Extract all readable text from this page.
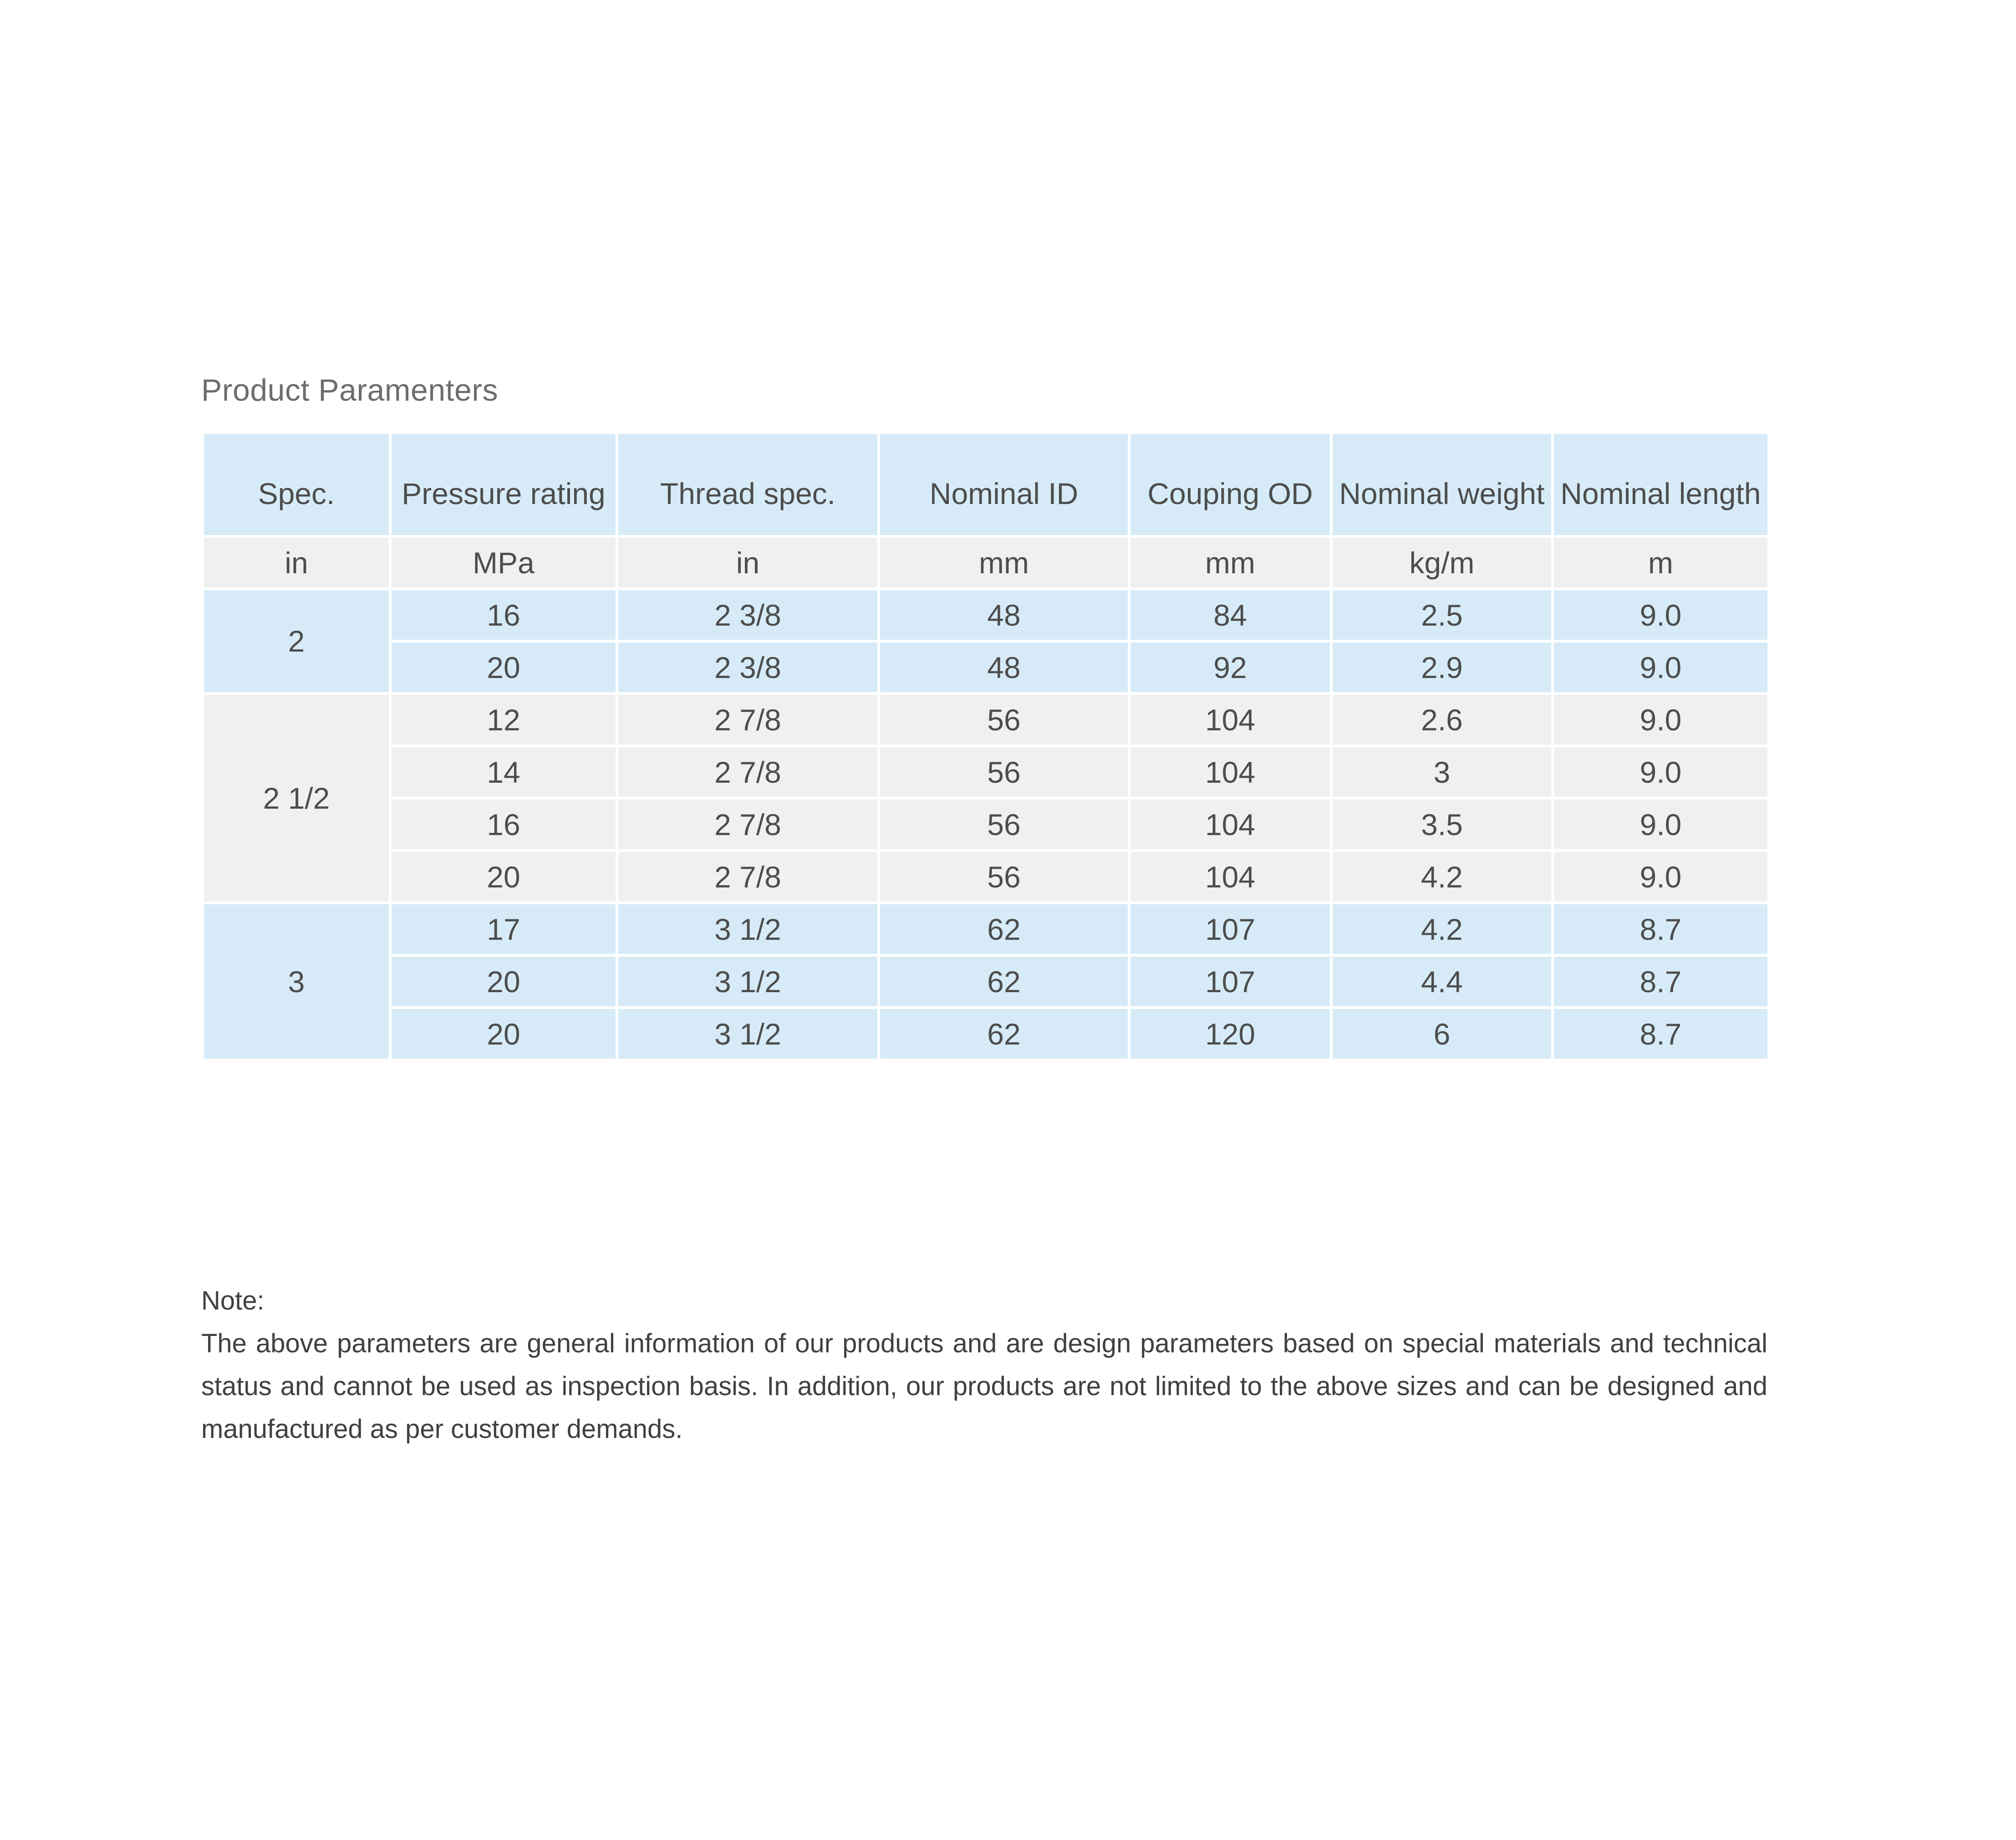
Product Paramenters
Spec.	Pressure rating	Thread spec.	Nominal ID	Couping OD	Nominal weight	Nominal length
in	MPa	in	mm	mm	kg/m	m
2	16	2 3/8	48	84	2.5	9.0
	20	2 3/8	48	92	2.9	9.0
2 1/2	12	2 7/8	56	104	2.6	9.0
	14	2 7/8	56	104	3	9.0
	16	2 7/8	56	104	3.5	9.0
	20	2 7/8	56	104	4.2	9.0
3	17	3 1/2	62	107	4.2	8.7
	20	3 1/2	62	107	4.4	8.7
	20	3 1/2	62	120	6	8.7

Note:

The above parameters are general information of our products and are design parameters based on special materials and technical status and cannot be used as inspection basis. In addition, our products are not limited to the above sizes and can be designed and manufactured as per customer demands.
